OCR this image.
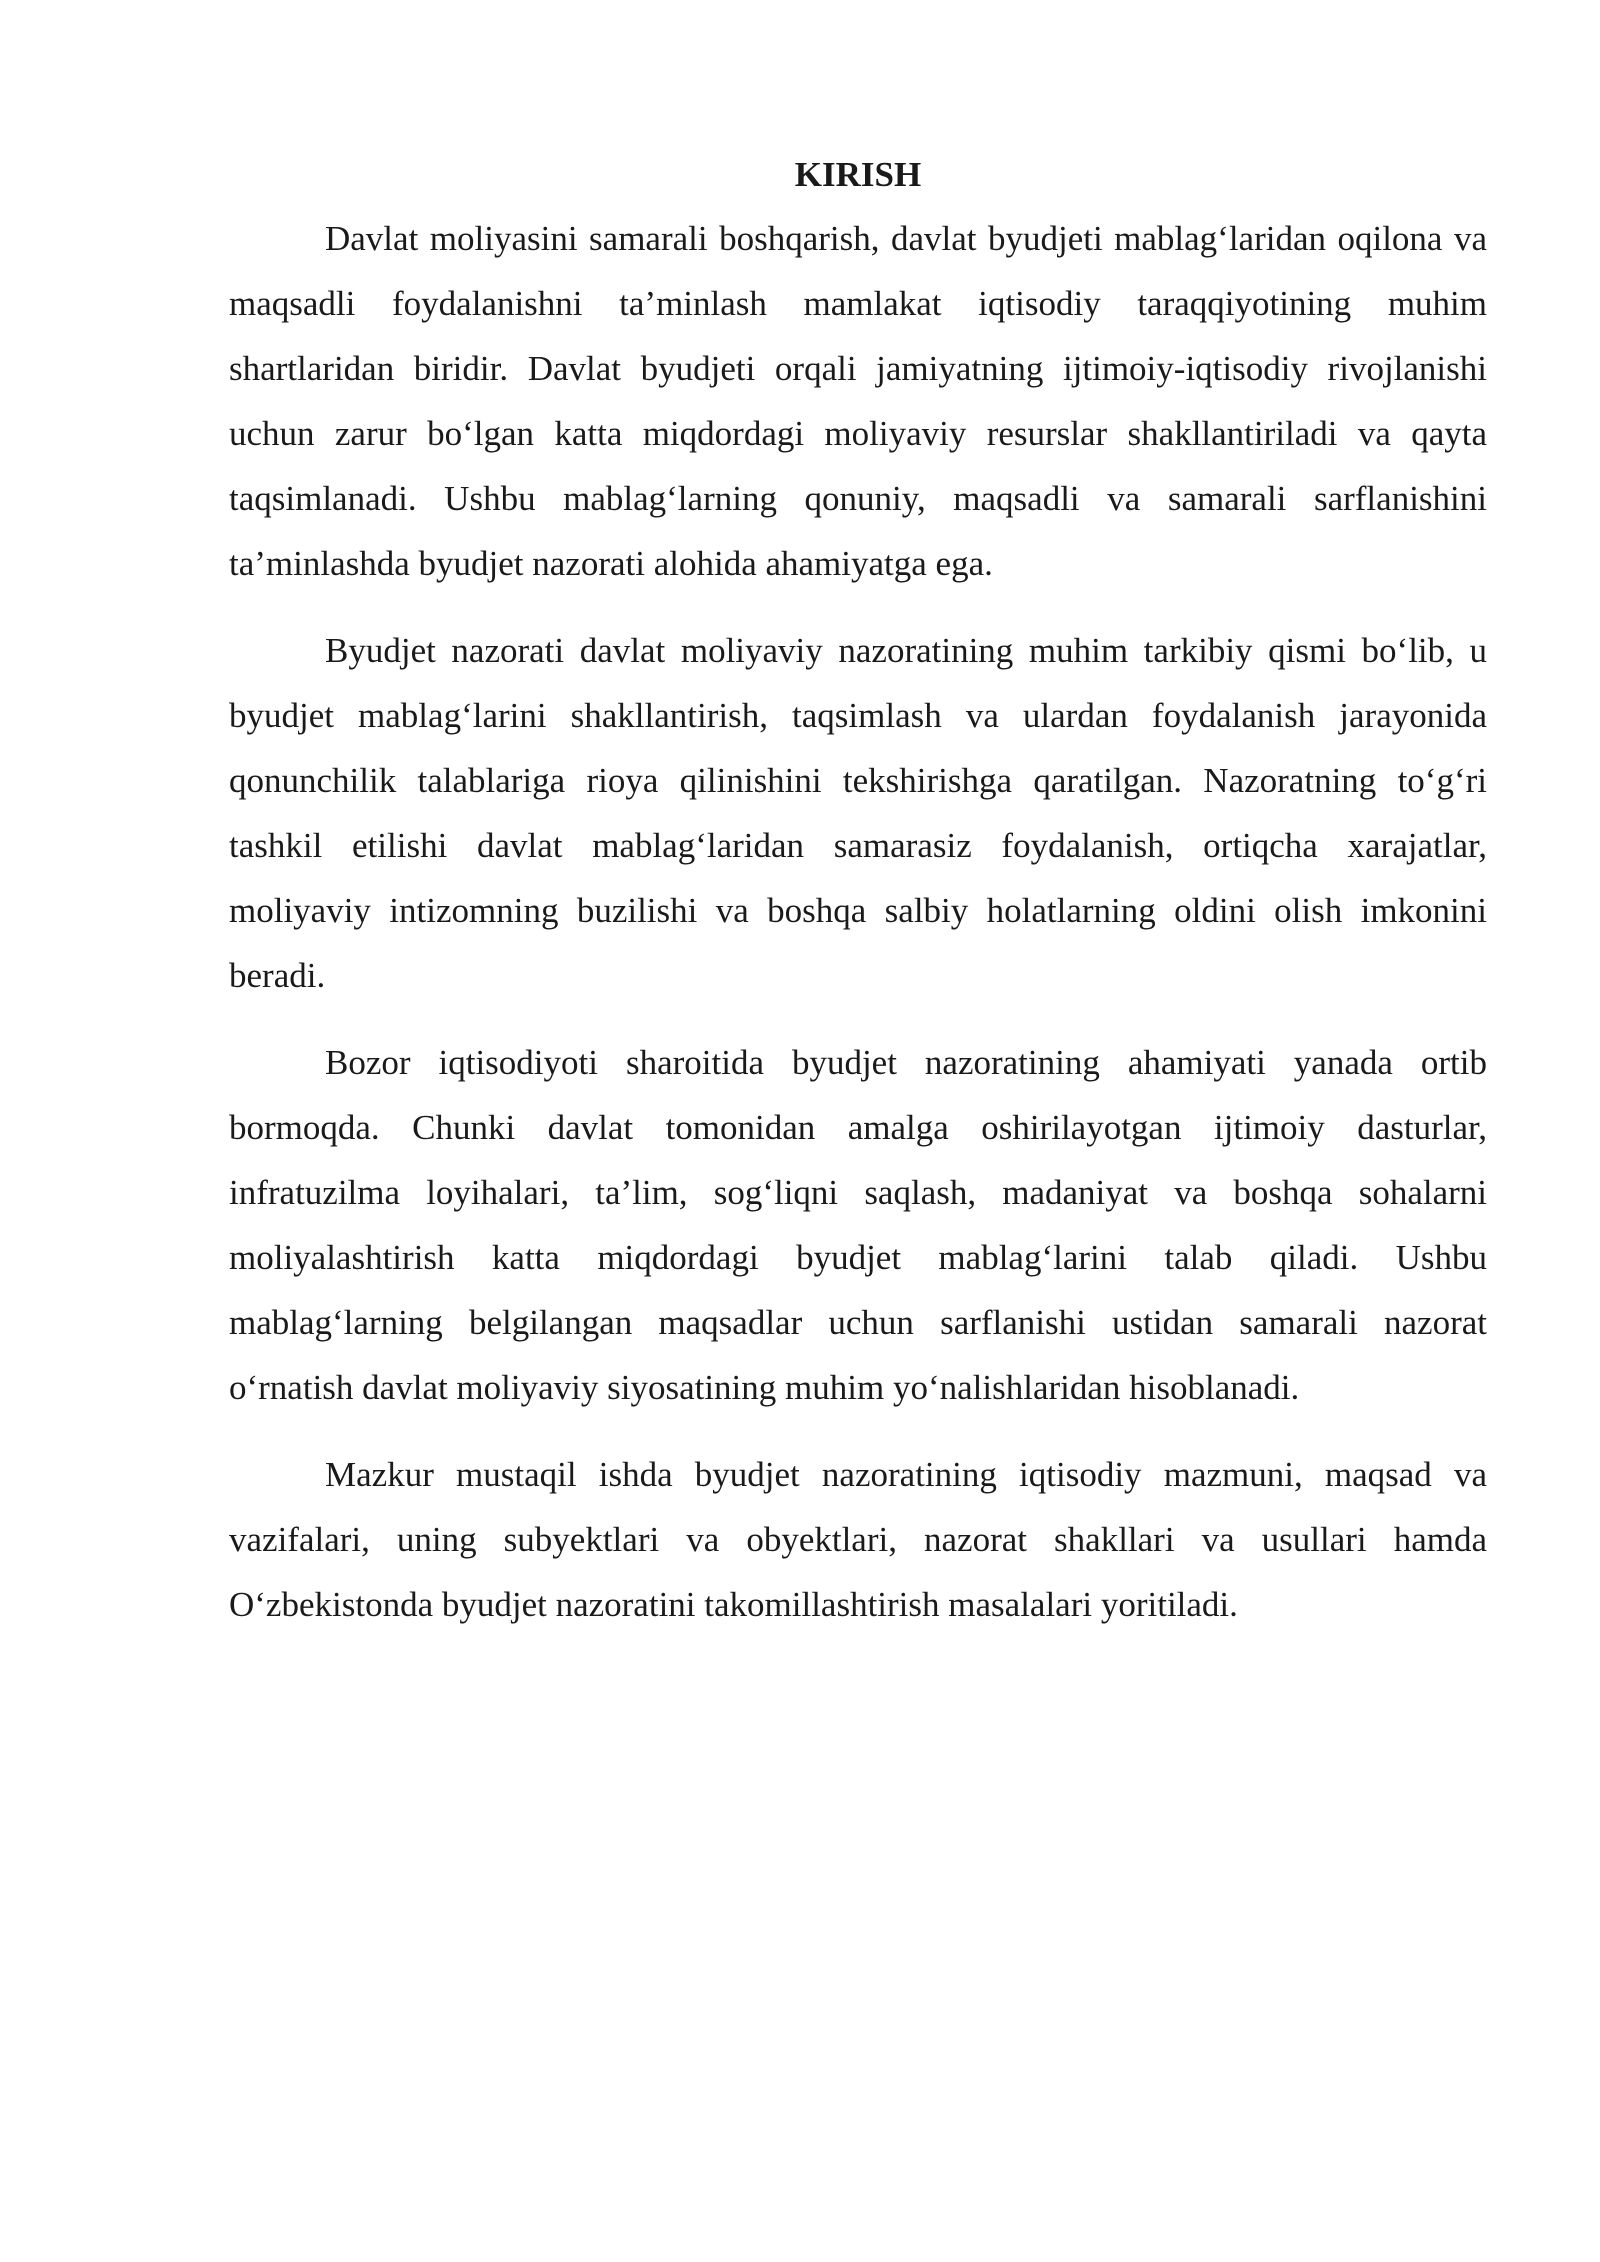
KIRISH

Davlat moliyasini samarali boshqarish, davlat byudjeti mablag‘laridan oqilona va maqsadli foydalanishni ta’minlash mamlakat iqtisodiy taraqqiyotining muhim shartlaridan biridir. Davlat byudjeti orqali jamiyatning ijtimoiy-iqtisodiy rivojlanishi uchun zarur bo‘lgan katta miqdordagi moliyaviy resurslar shakllantiriladi va qayta taqsimlanadi. Ushbu mablag‘larning qonuniy, maqsadli va samarali sarflanishini ta’minlashda byudjet nazorati alohida ahamiyatga ega.

Byudjet nazorati davlat moliyaviy nazoratining muhim tarkibiy qismi bo‘lib, u byudjet mablag‘larini shakllantirish, taqsimlash va ulardan foydalanish jarayonida qonunchilik talablariga rioya qilinishini tekshirishga qaratilgan. Nazoratning to‘g‘ri tashkil etilishi davlat mablag‘laridan samarasiz foydalanish, ortiqcha xarajatlar, moliyaviy intizomning buzilishi va boshqa salbiy holatlarning oldini olish imkonini beradi.

Bozor iqtisodiyoti sharoitida byudjet nazoratining ahamiyati yanada ortib bormoqda. Chunki davlat tomonidan amalga oshirilayotgan ijtimoiy dasturlar, infratuzilma loyihalari, ta’lim, sog‘liqni saqlash, madaniyat va boshqa sohalarni moliyalashtirish katta miqdordagi byudjet mablag‘larini talab qiladi. Ushbu mablag‘larning belgilangan maqsadlar uchun sarflanishi ustidan samarali nazorat o‘rnatish davlat moliyaviy siyosatining muhim yo‘nalishlaridan hisoblanadi.

Mazkur mustaqil ishda byudjet nazoratining iqtisodiy mazmuni, maqsad va vazifalari, uning subyektlari va obyektlari, nazorat shakllari va usullari hamda O‘zbekistonda byudjet nazoratini takomillashtirish masalalari yoritiladi.
